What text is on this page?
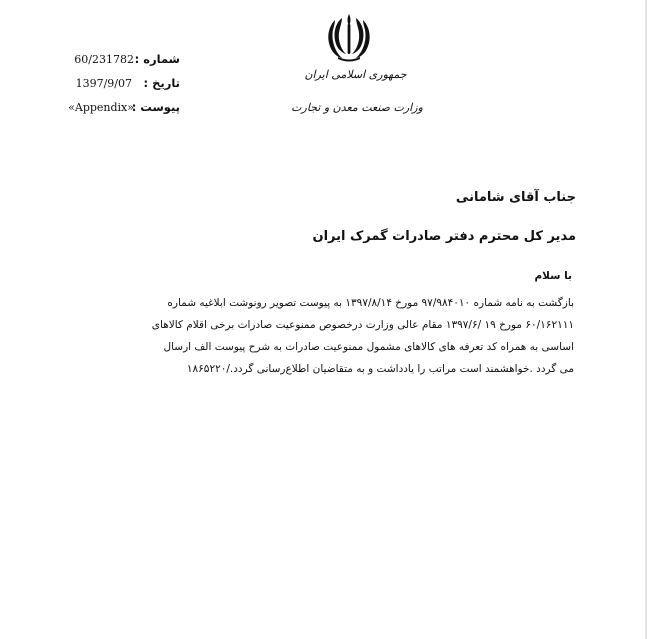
جمهوری اسلامی ایران
وزارت صنعت معدن و تجارت
شماره :
60/231782
تاریخ :
1397/9/07
پیوست :
«Appendix»
جناب آقای شامانی
مدیر کل محترم دفتر صادرات گمرک ایران
با سلام
بازگشت به نامه شماره ۹۷/۹۸۴۰۱۰ مورخ ۱۳۹۷/۸/۱۴ به پیوست تصویر رونوشت ابلاغیه شماره
۶۰/۱۶۲۱۱۱ مورخ ۱۹ /۱۳۹۷/۶ مقام عالی وزارت درخصوص ممنوعیت صادرات برخی اقلام کالاهای
اساسی به همراه کد تعرفه های کالاهای مشمول ممنوعیت صادرات به شرح پیوست الف ارسال
می گردد .خواهشمند است مراتب را یادداشت و به متقاضیان اطلاع‌رسانی گردد./۱۸۶۵۲۲۰
